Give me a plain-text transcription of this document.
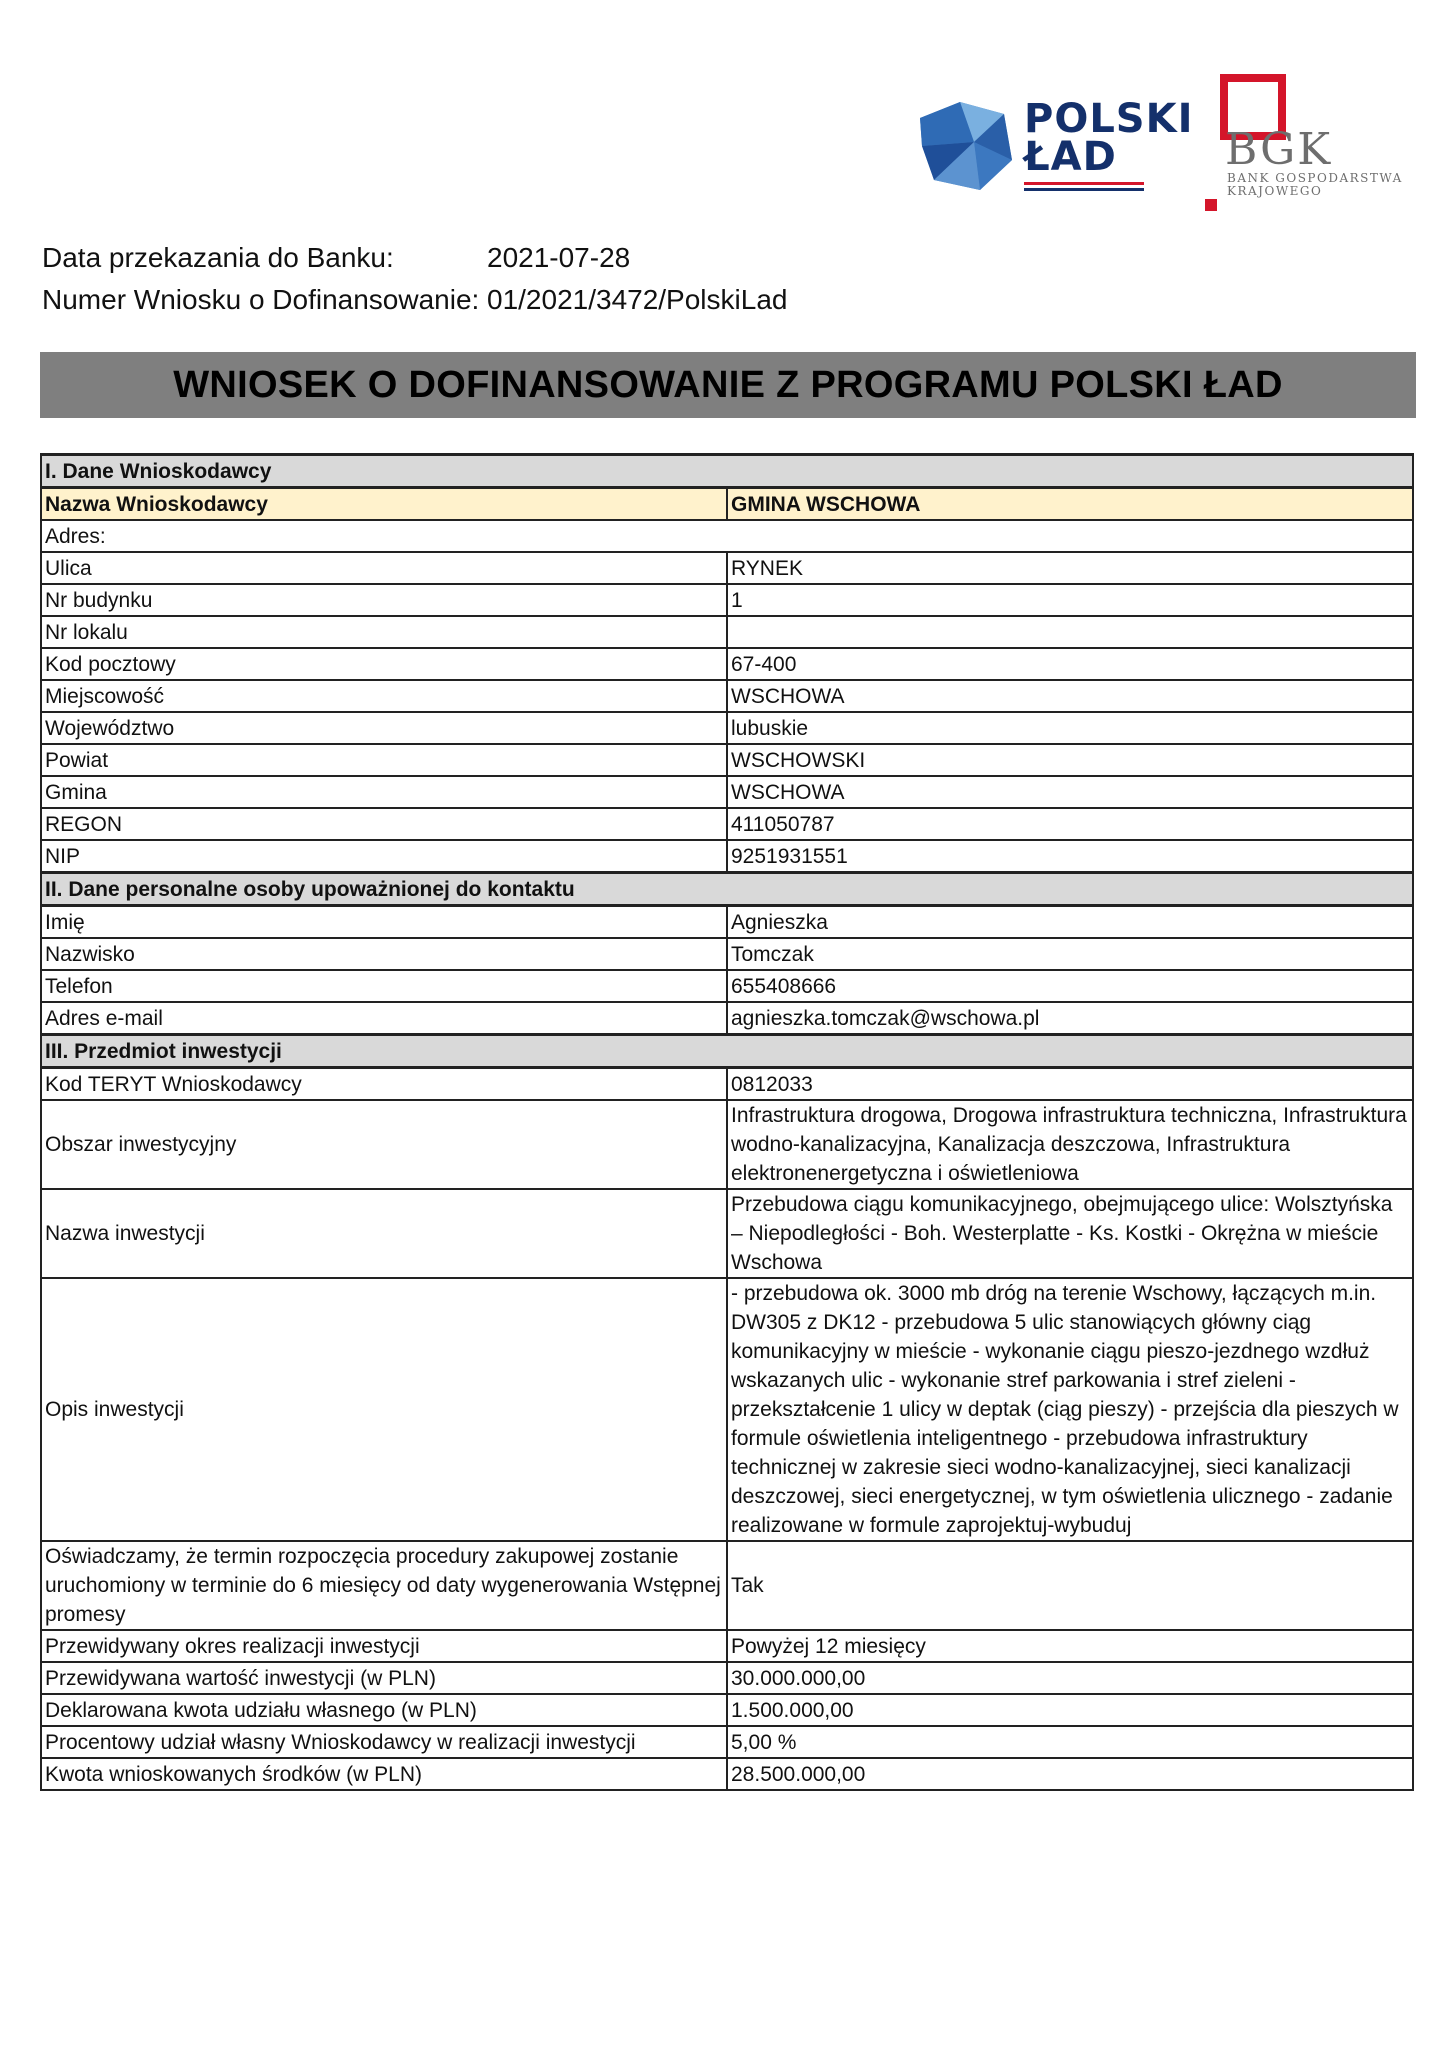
POLSKI
ŁAD	BGK
BANK GOSPODARSTWA
KRAJOWEGO
Data przekazania do Banku:	2021-07-28
Numer Wniosku o Dofinansowanie: 01/2021/3472/PolskiLad
WNIOSEK O DOFINANSOWANIE Z PROGRAMU POLSKI ŁAD
I. Dane Wnioskodawcy	
Nazwa Wnioskodawcy	GMINA WSCHOWA
Adres:	
Ulica	RYNEK
Nr budynku	1
Nr lokalu	
Kod pocztowy	67-400
Miejscowość	WSCHOWA
Województwo	lubuskie
Powiat	WSCHOWSKI
Gmina	WSCHOWA
REGON	411050787
NIP	9251931551
II. Dane personalne osoby upoważnionej do kontaktu	
Imię	Agnieszka
Nazwisko	Tomczak
Telefon	655408666
Adres e-mail	agnieszka.tomczak@wschowa.pl
III. Przedmiot inwestycji	
Kod TERYT Wnioskodawcy	0812033
Obszar inwestycyjny	Infrastruktura drogowa, Drogowa infrastruktura techniczna, Infrastruktura wodno-kanalizacyjna, Kanalizacja deszczowa, Infrastruktura elektronenergetyczna i oświetleniowa
Nazwa inwestycji	Przebudowa ciągu komunikacyjnego, obejmującego ulice: Wolsztyńska – Niepodległości - Boh. Westerplatte - Ks. Kostki - Okrężna w mieście Wschowa
Opis inwestycji	- przebudowa ok. 3000 mb dróg na terenie Wschowy, łączących m.in. DW305 z DK12 - przebudowa 5 ulic stanowiących główny ciąg komunikacyjny w mieście - wykonanie ciągu pieszo-jezdnego wzdłuż wskazanych ulic - wykonanie stref parkowania i stref zieleni - przekształcenie 1 ulicy w deptak (ciąg pieszy) - przejścia dla pieszych w formule oświetlenia inteligentnego - przebudowa infrastruktury technicznej w zakresie sieci wodno-kanalizacyjnej, sieci kanalizacji deszczowej, sieci energetycznej, w tym oświetlenia ulicznego - zadanie realizowane w formule zaprojektuj-wybuduj
Oświadczamy, że termin rozpoczęcia procedury zakupowej zostanie uruchomiony w terminie do 6 miesięcy od daty wygenerowania Wstępnej promesy	Tak
Przewidywany okres realizacji inwestycji	Powyżej 12 miesięcy
Przewidywana wartość inwestycji (w PLN)	30.000.000,00
Deklarowana kwota udziału własnego (w PLN)	1.500.000,00
Procentowy udział własny Wnioskodawcy w realizacji inwestycji	5,00 %
Kwota wnioskowanych środków (w PLN)	28.500.000,00
